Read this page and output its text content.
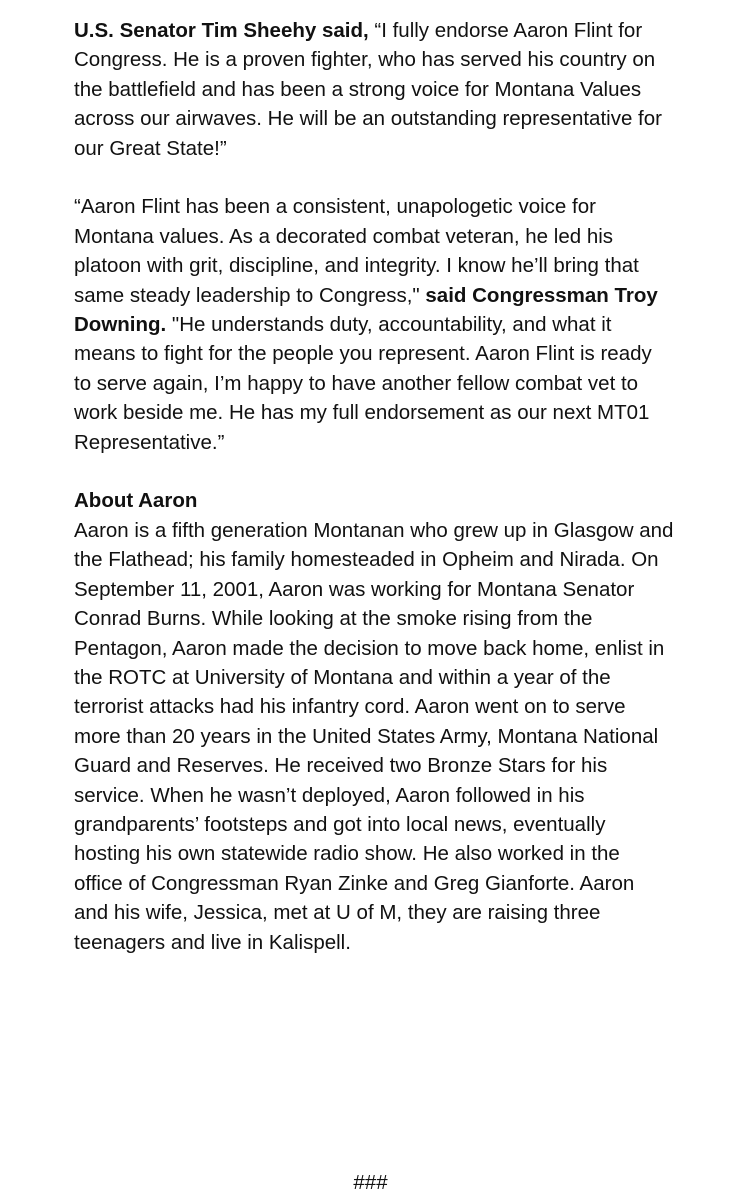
U.S. Senator Tim Sheehy said, “I fully endorse Aaron Flint for Congress. He is a proven fighter, who has served his country on the battlefield and has been a strong voice for Montana Values across our airwaves. He will be an outstanding representative for our Great State!”

“Aaron Flint has been a consistent, unapologetic voice for Montana values. As a decorated combat veteran, he led his platoon with grit, discipline, and integrity. I know he’ll bring that same steady leadership to Congress," said Congressman Troy Downing. "He understands duty, accountability, and what it means to fight for the people you represent. Aaron Flint is ready to serve again, I’m happy to have another fellow combat vet to work beside me. He has my full endorsement as our next MT01 Representative.”

About Aaron

Aaron is a fifth generation Montanan who grew up in Glasgow and the Flathead; his family homesteaded in Opheim and Nirada. On September 11, 2001, Aaron was working for Montana Senator Conrad Burns. While looking at the smoke rising from the Pentagon, Aaron made the decision to move back home, enlist in the ROTC at University of Montana and within a year of the terrorist attacks had his infantry cord. Aaron went on to serve more than 20 years in the United States Army, Montana National Guard and Reserves. He received two Bronze Stars for his service. When he wasn’t deployed, Aaron followed in his grandparents’ footsteps and got into local news, eventually hosting his own statewide radio show. He also worked in the office of Congressman Ryan Zinke and Greg Gianforte. Aaron and his wife, Jessica, met at U of M, they are raising three teenagers and live in Kalispell.

###
